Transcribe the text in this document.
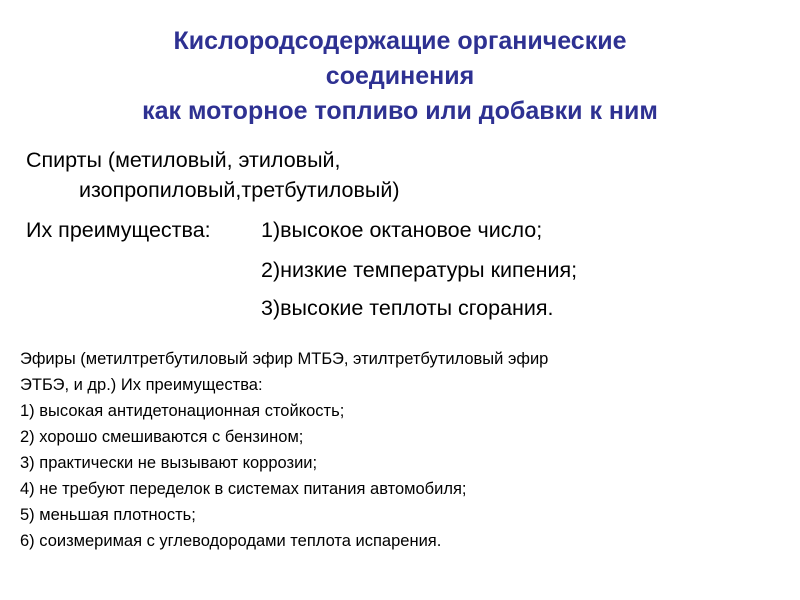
Кислородсодержащие органические
соединения
как моторное топливо или добавки к ним
Спирты (метиловый, этиловый,
изопропиловый,третбутиловый)
Их преимущества: 1)высокое октановое число;
2)низкие температуры кипения;
3)высокие теплоты сгорания.
Эфиры (метилтретбутиловый эфир МТБЭ, этилтретбутиловый эфир
ЭТБЭ, и др.) Их преимущества:
1) высокая антидетонационная стойкость;
2) хорошо смешиваются с бензином;
3) практически не вызывают коррозии;
4) не требуют переделок в системах питания автомобиля;
5) меньшая плотность;
6) соизмеримая с углеводородами теплота испарения.
